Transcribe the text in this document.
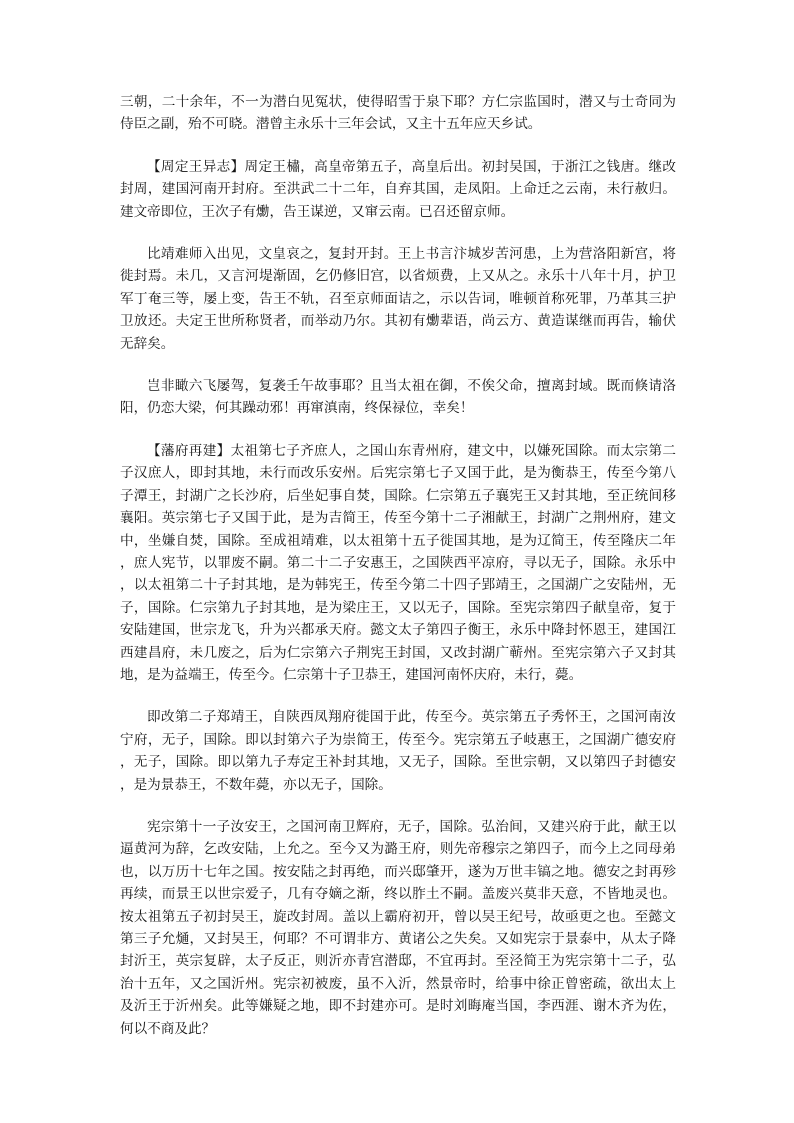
三朝，二十余年，不一为潜白见冤状，使得昭雪于泉下耶？方仁宗监国时，潜又与士奇同为侍臣之副，殆不可晓。潜曾主永乐十三年会试，又主十五年应天乡试。

【周定王异志】周定王橚，高皇帝第五子，高皇后出。初封吴国，于浙江之钱唐。继改封周，建国河南开封府。至洪武二十二年，自弃其国，走凤阳。上命迁之云南，未行赦归。建文帝即位，王次子有爋，告王谋逆，又窜云南。已召还留京师。

比靖难师入出见，文皇哀之，复封开封。王上书言汴城岁苦河患，上为营洛阳新宫，将徙封焉。未几，又言河堤渐固，乞仍修旧宫，以省烦费，上又从之。永乐十八年十月，护卫军丁奄三等，屡上变，告王不轨，召至京师面诘之，示以告词，唯顿首称死罪，乃革其三护卫放还。夫定王世所称贤者，而举动乃尔。其初有爋辈语，尚云方、黄造谋继而再告，输伏无辞矣。

岂非瞰六飞屡驾，复袭壬午故事耶？且当太祖在御，不俟父命，擅离封域。既而倏请洛阳，仍恋大梁，何其躁动邪！再窜滇南，终保禄位，幸矣！

【藩府再建】太祖第七子齐庶人，之国山东青州府，建文中，以嫌死国除。而太宗第二子汉庶人，即封其地，未行而改乐安州。后宪宗第七子又国于此，是为衡恭王，传至今第八子潭王，封湖广之长沙府，后坐妃事自焚，国除。仁宗第五子襄宪王又封其地，至正统间移襄阳。英宗第七子又国于此，是为吉简王，传至今第十二子湘献王，封湖广之荆州府，建文中，坐嫌自焚，国除。至成祖靖难，以太祖第十五子徙国其地，是为辽简王，传至隆庆二年，庶人宪节，以罪废不嗣。第二十二子安惠王，之国陕西平凉府，寻以无子，国除。永乐中，以太祖第二十子封其地，是为韩宪王，传至今第二十四子郢靖王，之国湖广之安陆州，无子，国除。仁宗第九子封其地，是为梁庄王，又以无子，国除。至宪宗第四子献皇帝，复于安陆建国，世宗龙飞，升为兴都承天府。懿文太子第四子衡王，永乐中降封怀恩王，建国江西建昌府，未几废之，后为仁宗第六子荆宪王封国，又改封湖广蕲州。至宪宗第六子又封其地，是为益端王，传至今。仁宗第十子卫恭王，建国河南怀庆府，未行，薨。

即改第二子郑靖王，自陕西凤翔府徙国于此，传至今。英宗第五子秀怀王，之国河南汝宁府，无子，国除。即以封第六子为崇简王，传至今。宪宗第五子岐惠王，之国湖广德安府，无子，国除。即以第九子寿定王补封其地，又无子，国除。至世宗朝，又以第四子封德安，是为景恭王，不数年薨，亦以无子，国除。

宪宗第十一子汝安王，之国河南卫辉府，无子，国除。弘治间，又建兴府于此，献王以逼黄河为辞，乞改安陆，上允之。至今又为潞王府，则先帝穆宗之第四子，而今上之同母弟也，以万历十七年之国。按安陆之封再绝，而兴邸肇开，遂为万世丰镐之地。德安之封再殄再续，而景王以世宗爱子，几有夺嫡之渐，终以胙土不嗣。盖废兴莫非天意，不皆地灵也。按太祖第五子初封吴王，旋改封周。盖以上霸府初开，曾以吴王纪号，故亟更之也。至懿文第三子允熥，又封吴王，何耶？不可谓非方、黄诸公之失矣。又如宪宗于景泰中，从太子降封沂王，英宗复辟，太子反正，则沂亦青宫潜邸，不宜再封。至泾简王为宪宗第十二子，弘治十五年，又之国沂州。宪宗初被废，虽不入沂，然景帝时，给事中徐正曾密疏，欲出太上及沂王于沂州矣。此等嫌疑之地，即不封建亦可。是时刘晦庵当国，李西涯、谢木齐为佐，何以不商及此？
